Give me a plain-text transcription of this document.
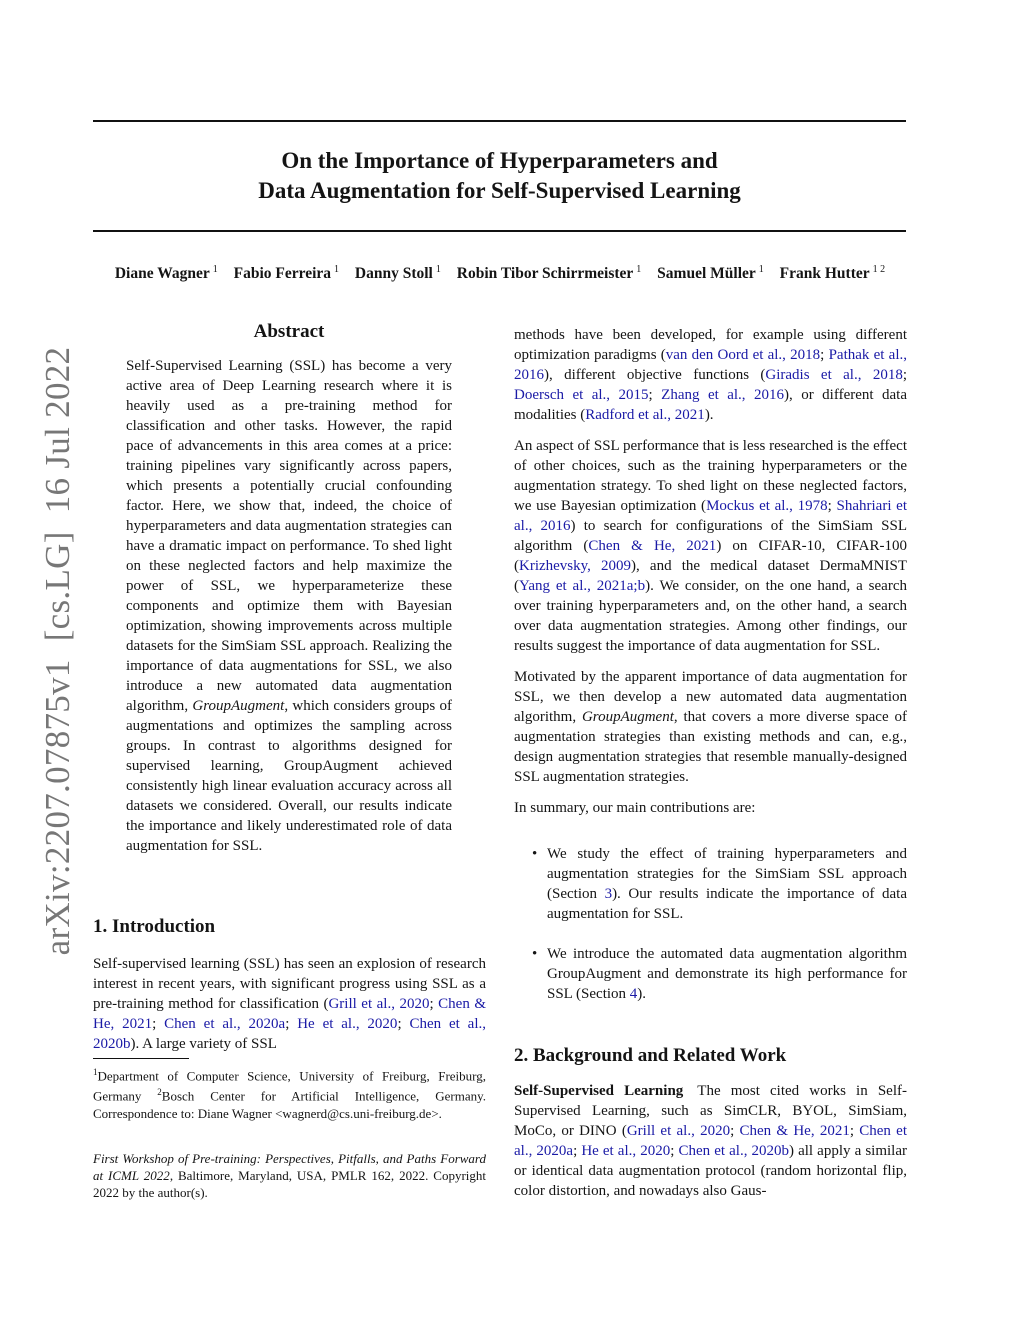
arXiv:2207.07875v1
[cs.LG]
16 Jul 2022
On the Importance of Hyperparameters and
Data Augmentation for Self-Supervised Learning
Diane Wagner $^1$ Fabio Ferreira $^1$ Danny Stoll $^1$ Robin Tibor Schirrmeister $^1$ Samuel Müller $^1$ Frank Hutter $^{1 2}$
Abstract
Self-Supervised Learning (SSL) has become a very active area of Deep Learning research where it is heavily used as a pre-training method for classification and other tasks. However, the rapid pace of advancements in this area comes at a price: training pipelines vary significantly across papers, which presents a potentially crucial confounding factor. Here, we show that, indeed, the choice of hyperparameters and data augmentation strategies can have a dramatic impact on performance. To shed light on these neglected factors and help maximize the power of SSL, we hyperparameterize these components and optimize them with Bayesian optimization, showing improvements across multiple datasets for the SimSiam SSL approach. Realizing the importance of data augmentations for SSL, we also introduce a new automated data augmentation algorithm, GroupAugment, which considers groups of augmentations and optimizes the sampling across groups. In contrast to algorithms designed for supervised learning, GroupAugment achieved consistently high linear evaluation accuracy across all datasets we considered. Overall, our results indicate the importance and likely underestimated role of data augmentation for SSL.
1. Introduction
Self-supervised learning (SSL) has seen an explosion of research interest in recent years, with significant progress using SSL as a pre-training method for classification (Grill et al., 2020; Chen & He, 2021; Chen et al., 2020a; He et al., 2020; Chen et al., 2020b). A large variety of SSL
$^1$Department of Computer Science, University of Freiburg, Freiburg, Germany $^2$Bosch Center for Artificial Intelligence, Germany. Correspondence to: Diane Wagner <wagnerd@cs.uni-freiburg.de>.
First Workshop of Pre-training: Perspectives, Pitfalls, and Paths Forward at ICML 2022, Baltimore, Maryland, USA, PMLR 162, 2022. Copyright 2022 by the author(s).

methods have been developed, for example using different optimization paradigms (van den Oord et al., 2018; Pathak et al., 2016), different objective functions (Giradis et al., 2018; Doersch et al., 2015; Zhang et al., 2016), or different data modalities (Radford et al., 2021).

An aspect of SSL performance that is less researched is the effect of other choices, such as the training hyperparameters or the augmentation strategy. To shed light on these neglected factors, we use Bayesian optimization (Mockus et al., 1978; Shahriari et al., 2016) to search for configurations of the SimSiam SSL algorithm (Chen & He, 2021) on CIFAR-10, CIFAR-100 (Krizhevsky, 2009), and the medical dataset DermaMNIST (Yang et al., 2021a;b). We consider, on the one hand, a search over training hyperparameters and, on the other hand, a search over data augmentation strategies. Among other findings, our results suggest the importance of data augmentation for SSL.

Motivated by the apparent importance of data augmentation for SSL, we then develop a new automated data augmentation algorithm, GroupAugment, that covers a more diverse space of augmentation strategies than existing methods and can, e.g., design augmentation strategies that resemble manually-designed SSL augmentation strategies.

In summary, our main contributions are:

• We study the effect of training hyperparameters and augmentation strategies for the SimSiam SSL approach (Section 3). Our results indicate the importance of data augmentation for SSL.
• We introduce the automated data augmentation algorithm GroupAugment and demonstrate its high performance for SSL (Section 4).
2. Background and Related Work
Self-Supervised Learning The most cited works in Self-Supervised Learning, such as SimCLR, BYOL, SimSiam, MoCo, or DINO (Grill et al., 2020; Chen & He, 2021; Chen et al., 2020a; He et al., 2020; Chen et al., 2020b) all apply a similar or identical data augmentation protocol (random horizontal flip, color distortion, and nowadays also Gaus-
